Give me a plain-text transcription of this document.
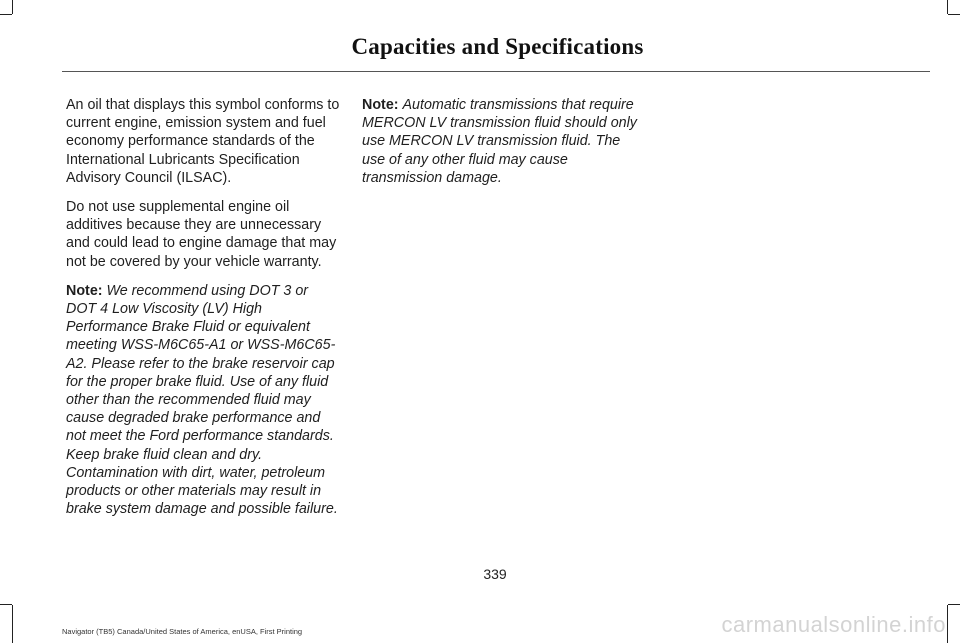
Capacities and Specifications

An oil that displays this symbol conforms to current engine, emission system and fuel economy performance standards of the International Lubricants Specification Advisory Council (ILSAC).

Do not use supplemental engine oil additives because they are unnecessary and could lead to engine damage that may not be covered by your vehicle warranty.

Note: We recommend using DOT 3 or DOT 4 Low Viscosity (LV) High Performance Brake Fluid or equivalent meeting WSS-M6C65-A1 or WSS-M6C65-A2. Please refer to the brake reservoir cap for the proper brake fluid. Use of any fluid other than the recommended fluid may cause degraded brake performance and not meet the Ford performance standards. Keep brake fluid clean and dry. Contamination with dirt, water, petroleum products or other materials may result in brake system damage and possible failure.

Note: Automatic transmissions that require MERCON LV transmission fluid should only use MERCON LV transmission fluid. The use of any other fluid may cause transmission damage.

339
Navigator (TB5) Canada/United States of America, enUSA, First Printing	carmanualsonline.info
